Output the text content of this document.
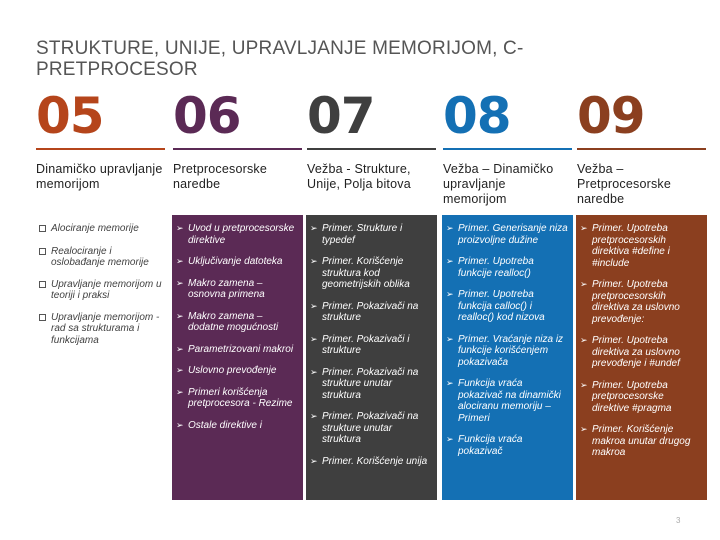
STRUKTURE, UNIJE, UPRAVLJANJE MEMORIJOM, C-PRETPROCESOR
05
Dinamičko upravljanje memorijom
Alociranje memorije
Realociranje i oslobađanje memorije
Upravljanje memorijom u teoriji i praksi
Upravljanje memorijom - rad sa strukturama i funkcijama
06
Pretprocesorske naredbe
➢ Uvod u pretprocesorske direktive
➢ Uključivanje datoteka
➢ Makro zamena – osnovna primena
➢ Makro zamena – dodatne mogućnosti
➢ Parametrizovani makroi
➢ Uslovno prevođenje
➢ Primeri korišćenja pretprocesora - Rezime
➢ Ostale direktive i
07
Vežba - Strukture, Unije, Polja bitova
➢ Primer. Strukture i typedef
➢ Primer. Korišćenje struktura kod geometrijskih oblika
➢ Primer. Pokazivači na strukture
➢ Primer. Pokazivači i strukture
➢ Primer. Pokazivači na strukture unutar struktura
➢ Primer. Pokazivači na strukture unutar struktura
➢ Primer. Korišćenje unija
08
Vežba – Dinamičko upravljanje memorijom
➢ Primer. Generisanje niza proizvoljne dužine
➢ Primer. Upotreba funkcije realloc()
➢ Primer. Upotreba funkcija calloc() i realloc() kod nizova
➢ Primer. Vraćanje niza iz funkcije korišćenjem pokazivača
➢ Funkcija vraća pokazivač na dinamički alociranu memoriju – Primeri
➢ Funkcija vraća pokazivač
09
Vežba – Pretprocesorske naredbe
➢ Primer. Upotreba pretprocesorskih direktiva #define i #include
➢ Primer. Upotreba pretprocesorskih direktiva za uslovno prevođenje:
➢ Primer. Upotreba direktiva za uslovno prevođenje i #undef
➢ Primer. Upotreba pretprocesorske direktive #pragma
➢ Primer. Korišćenje makroa unutar drugog makroa
3
